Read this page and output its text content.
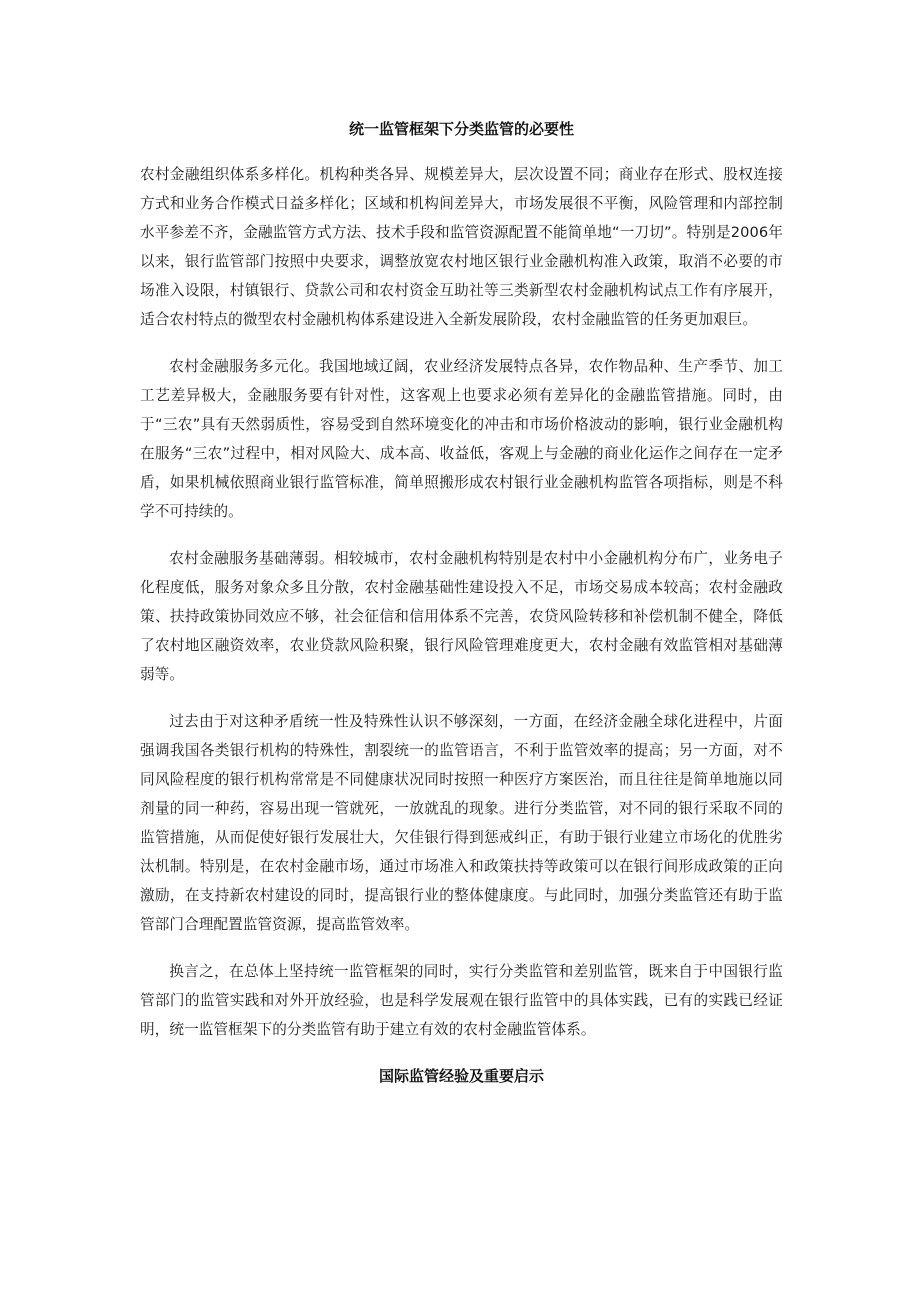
统一监管框架下分类监管的必要性

农村金融组织体系多样化。机构种类各异、规模差异大，层次设置不同；商业存在形式、股权连接方式和业务合作模式日益多样化；区域和机构间差异大，市场发展很不平衡，风险管理和内部控制水平参差不齐，金融监管方式方法、技术手段和监管资源配置不能简单地“一刀切”。特别是2006年以来，银行监管部门按照中央要求，调整放宽农村地区银行业金融机构准入政策，取消不必要的市场准入设限，村镇银行、贷款公司和农村资金互助社等三类新型农村金融机构试点工作有序展开，适合农村特点的微型农村金融机构体系建设进入全新发展阶段，农村金融监管的任务更加艰巨。

农村金融服务多元化。我国地域辽阔，农业经济发展特点各异，农作物品种、生产季节、加工工艺差异极大，金融服务要有针对性，这客观上也要求必须有差异化的金融监管措施。同时，由于“三农”具有天然弱质性，容易受到自然环境变化的冲击和市场价格波动的影响，银行业金融机构在服务“三农”过程中，相对风险大、成本高、收益低，客观上与金融的商业化运作之间存在一定矛盾，如果机械依照商业银行监管标准，简单照搬形成农村银行业金融机构监管各项指标，则是不科学不可持续的。

农村金融服务基础薄弱。相较城市，农村金融机构特别是农村中小金融机构分布广，业务电子化程度低，服务对象众多且分散，农村金融基础性建设投入不足，市场交易成本较高；农村金融政策、扶持政策协同效应不够，社会征信和信用体系不完善，农贷风险转移和补偿机制不健全，降低了农村地区融资效率，农业贷款风险积聚，银行风险管理难度更大，农村金融有效监管相对基础薄弱等。

过去由于对这种矛盾统一性及特殊性认识不够深刻，一方面，在经济金融全球化进程中，片面强调我国各类银行机构的特殊性，割裂统一的监管语言，不利于监管效率的提高；另一方面，对不同风险程度的银行机构常常是不同健康状况同时按照一种医疗方案医治，而且往往是简单地施以同剂量的同一种药，容易出现一管就死，一放就乱的现象。进行分类监管，对不同的银行采取不同的监管措施，从而促使好银行发展壮大，欠佳银行得到惩戒纠正，有助于银行业建立市场化的优胜劣汰机制。特别是，在农村金融市场，通过市场准入和政策扶持等政策可以在银行间形成政策的正向激励，在支持新农村建设的同时，提高银行业的整体健康度。与此同时，加强分类监管还有助于监管部门合理配置监管资源，提高监管效率。

换言之，在总体上坚持统一监管框架的同时，实行分类监管和差别监管，既来自于中国银行监管部门的监管实践和对外开放经验，也是科学发展观在银行监管中的具体实践，已有的实践已经证明，统一监管框架下的分类监管有助于建立有效的农村金融监管体系。

国际监管经验及重要启示
